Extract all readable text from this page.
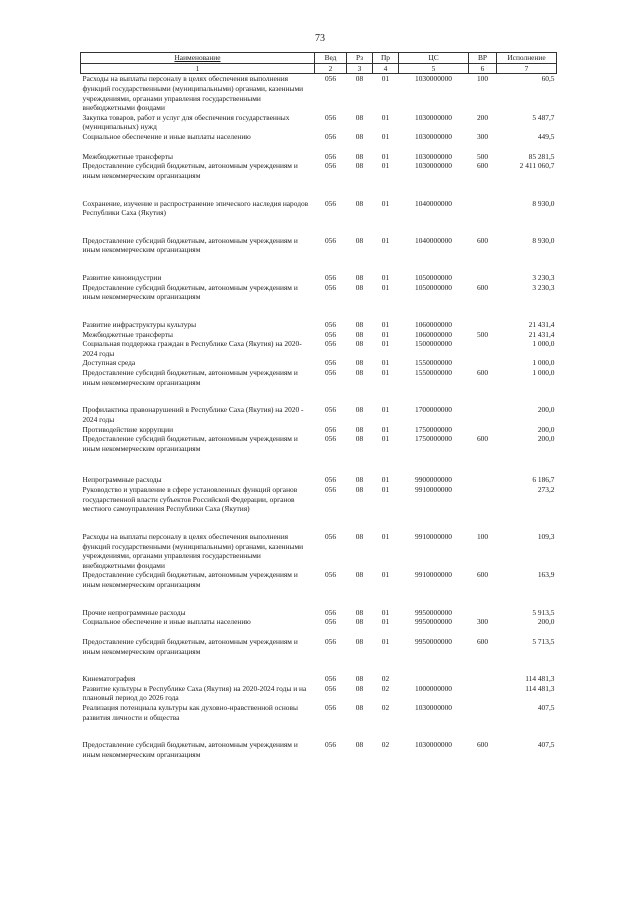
73
Наименование	Вед	Рз	Пр	ЦС	ВР	Исполнение
1	2	3	4	5	6	7
Расходы на выплаты персоналу в целях обеспечения выполнения функций государственными (муниципальными) органами, казенными учреждениями, органами управления государственными внебюджетными фондами	056	08	01	1030000000	100	60,5
Закупка товаров, работ и услуг для обеспечения государственных (муниципальных) нужд	056	08	01	1030000000	200	5 487,7
Социальное обеспечение и иные выплаты населению	056	08	01	1030000000	300	449,5

Межбюджетные трансферты	056	08	01	1030000000	500	85 281,5
Предоставление субсидий бюджетным, автономным учреждениям и иным некоммерческим организациям	056	08	01	1030000000	600	2 411 060,7

Сохранение, изучение и распространение эпического наследия народов Республики Саха (Якутия)	056	08	01	1040000000		8 930,0

Предоставление субсидий бюджетным, автономным учреждениям и иным некоммерческим организациям	056	08	01	1040000000	600	8 930,0

Развитие киноиндустрии	056	08	01	1050000000		3 230,3
Предоставление субсидий бюджетным, автономным учреждениям и иным некоммерческим организациям	056	08	01	1050000000	600	3 230,3

Развитие инфраструктуры культуры	056	08	01	1060000000		21 431,4
Межбюджетные трансферты	056	08	01	1060000000	500	21 431,4
Социальная поддержка граждан в Республике Саха (Якутия) на 2020-2024 годы	056	08	01	1500000000		1 000,0
Доступная среда	056	08	01	1550000000		1 000,0
Предоставление субсидий бюджетным, автономным учреждениям и иным некоммерческим организациям	056	08	01	1550000000	600	1 000,0

Профилактика правонарушений в Республике Саха (Якутия) на 2020 - 2024 годы	056	08	01	1700000000		200,0
Противодействие коррупции	056	08	01	1750000000		200,0
Предоставление субсидий бюджетным, автономным учреждениям и иным некоммерческим организациям	056	08	01	1750000000	600	200,0

Непрограммные расходы	056	08	01	9900000000		6 186,7
Руководство и управление в сфере установленных функций органов государственной власти субъектов Российской Федерации, органов местного самоуправления Республики Саха (Якутия)	056	08	01	9910000000		273,2

Расходы на выплаты персоналу в целях обеспечения выполнения функций государственными (муниципальными) органами, казенными учреждениями, органами управления государственными внебюджетными фондами	056	08	01	9910000000	100	109,3
Предоставление субсидий бюджетным, автономным учреждениям и иным некоммерческим организациям	056	08	01	9910000000	600	163,9

Прочие непрограммные расходы	056	08	01	9950000000		5 913,5
Социальное обеспечение и иные выплаты населению	056	08	01	9950000000	300	200,0

Предоставление субсидий бюджетным, автономным учреждениям и иным некоммерческим организациям	056	08	01	9950000000	600	5 713,5

Кинематография	056	08	02			114 481,3
Развитие культуры в Республике Саха (Якутия) на 2020-2024 годы и на плановый период до 2026 года	056	08	02	1000000000		114 481,3
Реализация потенциала культуры как духовно-нравственной основы развития личности и общества	056	08	02	1030000000		407,5

Предоставление субсидий бюджетным, автономным учреждениям и иным некоммерческим организациям	056	08	02	1030000000	600	407,5
